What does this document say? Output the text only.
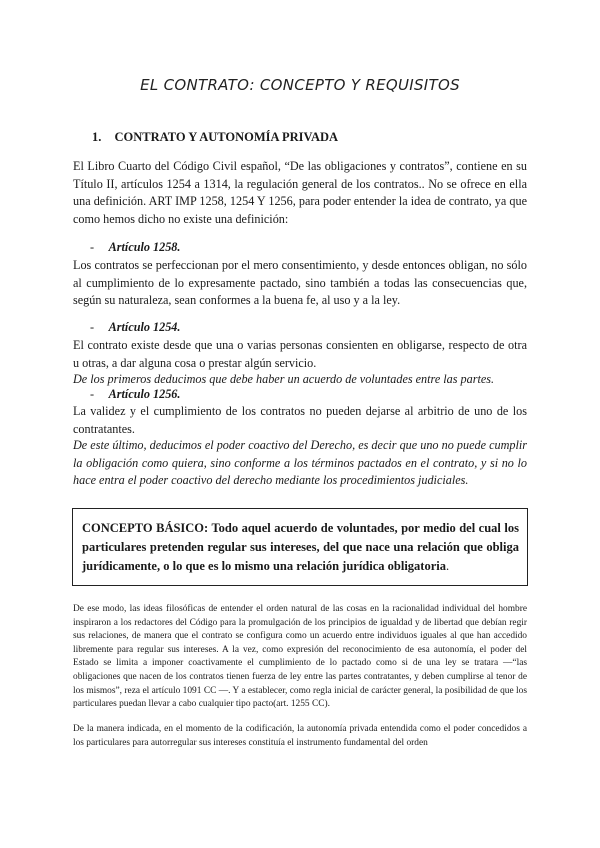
EL CONTRATO: CONCEPTO Y REQUISITOS
1. CONTRATO Y AUTONOMÍA PRIVADA

El Libro Cuarto del Código Civil español, “De las obligaciones y contratos”, contiene en su Título II, artículos 1254 a 1314, la regulación general de los contratos.. No se ofrece en ella una definición. ART IMP 1258, 1254 Y 1256, para poder entender la idea de contrato, ya que como hemos dicho no existe una definición:

- Artículo 1258.

Los contratos se perfeccionan por el mero consentimiento, y desde entonces obligan, no sólo al cumplimiento de lo expresamente pactado, sino también a todas las consecuencias que, según su naturaleza, sean conformes a la buena fe, al uso y a la ley.

- Artículo 1254.

El contrato existe desde que una o varias personas consienten en obligarse, respecto de otra u otras, a dar alguna cosa o prestar algún servicio.

De los primeros deducimos que debe haber un acuerdo de voluntades entre las partes.

- Artículo 1256.

La validez y el cumplimiento de los contratos no pueden dejarse al arbitrio de uno de los contratantes.

De este último, deducimos el poder coactivo del Derecho, es decir que uno no puede cumplir la obligación como quiera, sino conforme a los términos pactados en el contrato, y si no lo hace entra el poder coactivo del derecho mediante los procedimientos judiciales.

CONCEPTO BÁSICO: Todo aquel acuerdo de voluntades, por medio del cual los particulares pretenden regular sus intereses, del que nace una relación que obliga jurídicamente, o lo que es lo mismo una relación jurídica obligatoria.

De ese modo, las ideas filosóficas de entender el orden natural de las cosas en la racionalidad individual del hombre inspiraron a los redactores del Código para la promulgación de los principios de igualdad y de libertad que debían regir sus relaciones, de manera que el contrato se configura como un acuerdo entre individuos iguales al que han accedido libremente para regular sus intereses. A la vez, como expresión del reconocimiento de esa autonomía, el poder del Estado se limita a imponer coactivamente el cumplimiento de lo pactado como si de una ley se tratara —“las obligaciones que nacen de los contratos tienen fuerza de ley entre las partes contratantes, y deben cumplirse al tenor de los mismos”, reza el artículo 1091 CC —. Y a establecer, como regla inicial de carácter general, la posibilidad de que los particulares puedan llevar a cabo cualquier tipo pacto(art. 1255 CC).

De la manera indicada, en el momento de la codificación, la autonomía privada entendida como el poder concedidos a los particulares para autorregular sus intereses constituía el instrumento fundamental del orden
